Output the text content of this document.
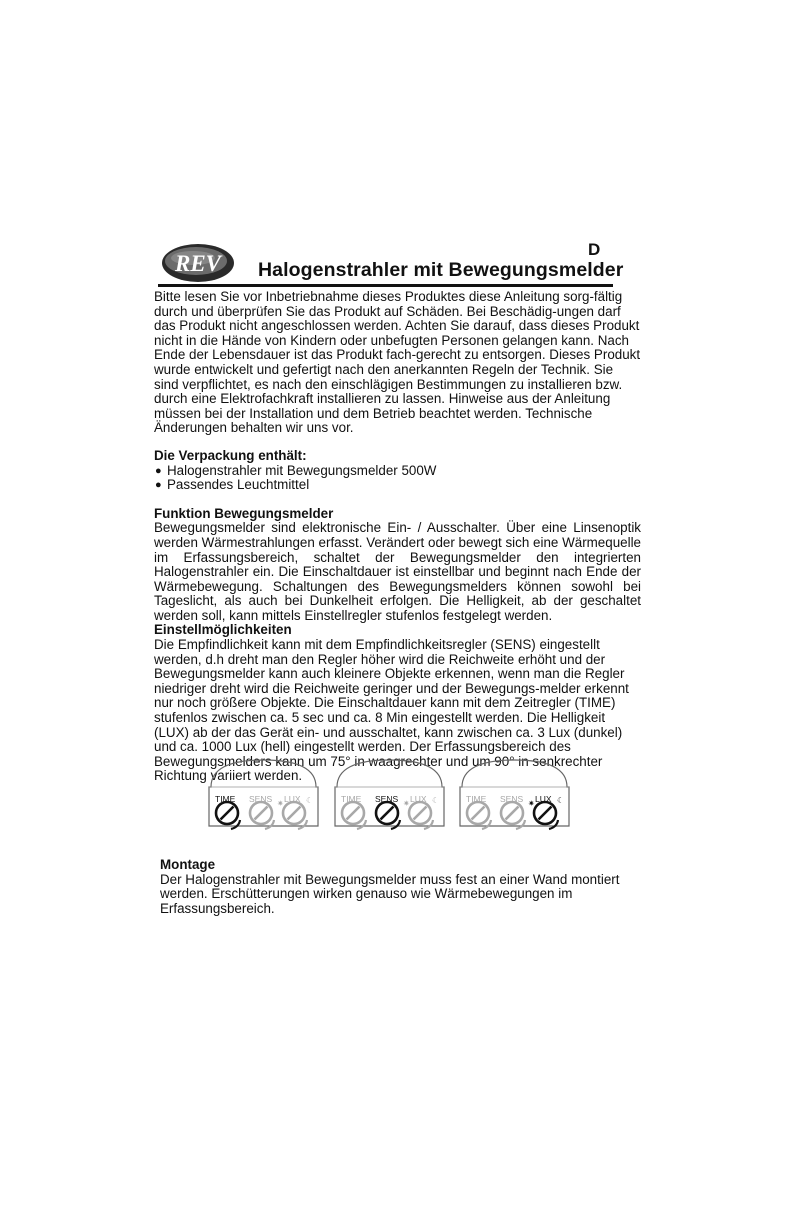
REV
D
Halogenstrahler mit Bewegungsmelder

Bitte lesen Sie vor Inbetriebnahme dieses Produktes diese Anleitung sorg-fältig durch und überprüfen Sie das Produkt auf Schäden. Bei Beschädig-ungen darf das Produkt nicht angeschlossen werden. Achten Sie darauf, dass dieses Produkt nicht in die Hände von Kindern oder unbefugten Personen gelangen kann. Nach Ende der Lebensdauer ist das Produkt fach-gerecht zu entsorgen. Dieses Produkt wurde entwickelt und gefertigt nach den anerkannten Regeln der Technik. Sie sind verpflichtet, es nach den einschlägigen Bestimmungen zu installieren bzw. durch eine Elektrofachkraft installieren zu lassen. Hinweise aus der Anleitung müssen bei der Installation und dem Betrieb beachtet werden. Technische Änderungen behalten wir uns vor.

Die Verpackung enthält:
● Halogenstrahler mit Bewegungsmelder 500W
● Passendes Leuchtmittel
Funktion Bewegungsmelder

Bewegungsmelder sind elektronische Ein- / Ausschalter. Über eine Linsenoptik werden Wärmestrahlungen erfasst. Verändert oder bewegt sich eine Wärmequelle im Erfassungsbereich, schaltet der Bewegungsmelder den integrierten Halogenstrahler ein. Die Einschaltdauer ist einstellbar und beginnt nach Ende der Wärmebewegung. Schaltungen des Bewegungsmelders können sowohl bei Tageslicht, als auch bei Dunkelheit erfolgen. Die Helligkeit, ab der geschaltet werden soll, kann mittels Einstellregler stufenlos festgelegt werden.

Einstellmöglichkeiten

Die Empfindlichkeit kann mit dem Empfindlichkeitsregler (SENS) eingestellt werden, d.h dreht man den Regler höher wird die Reichweite erhöht und der Bewegungsmelder kann auch kleinere Objekte erkennen, wenn man die Regler niedriger dreht wird die Reichweite geringer und der Bewegungs-melder erkennt nur noch größere Objekte. Die Einschaltdauer kann mit dem Zeitregler (TIME) stufenlos zwischen ca. 5 sec und ca. 8 Min eingestellt werden. Die Helligkeit (LUX) ab der das Gerät ein- und ausschaltet, kann zwischen ca. 3 Lux (dunkel) und ca. 1000 Lux (hell) eingestellt werden. Der Erfassungsbereich des Bewegungsmelders kann um 75° in waagrechter und um 90° in senkrechter Richtung variiert werden.

TIME SENS LUX
✷	☾	TIME SENS LUX
✷	☾	TIME SENS LUX
✷	☾
Montage

Der Halogenstrahler mit Bewegungsmelder muss fest an einer Wand montiert werden. Erschütterungen wirken genauso wie Wärmebewegungen im Erfassungsbereich.
